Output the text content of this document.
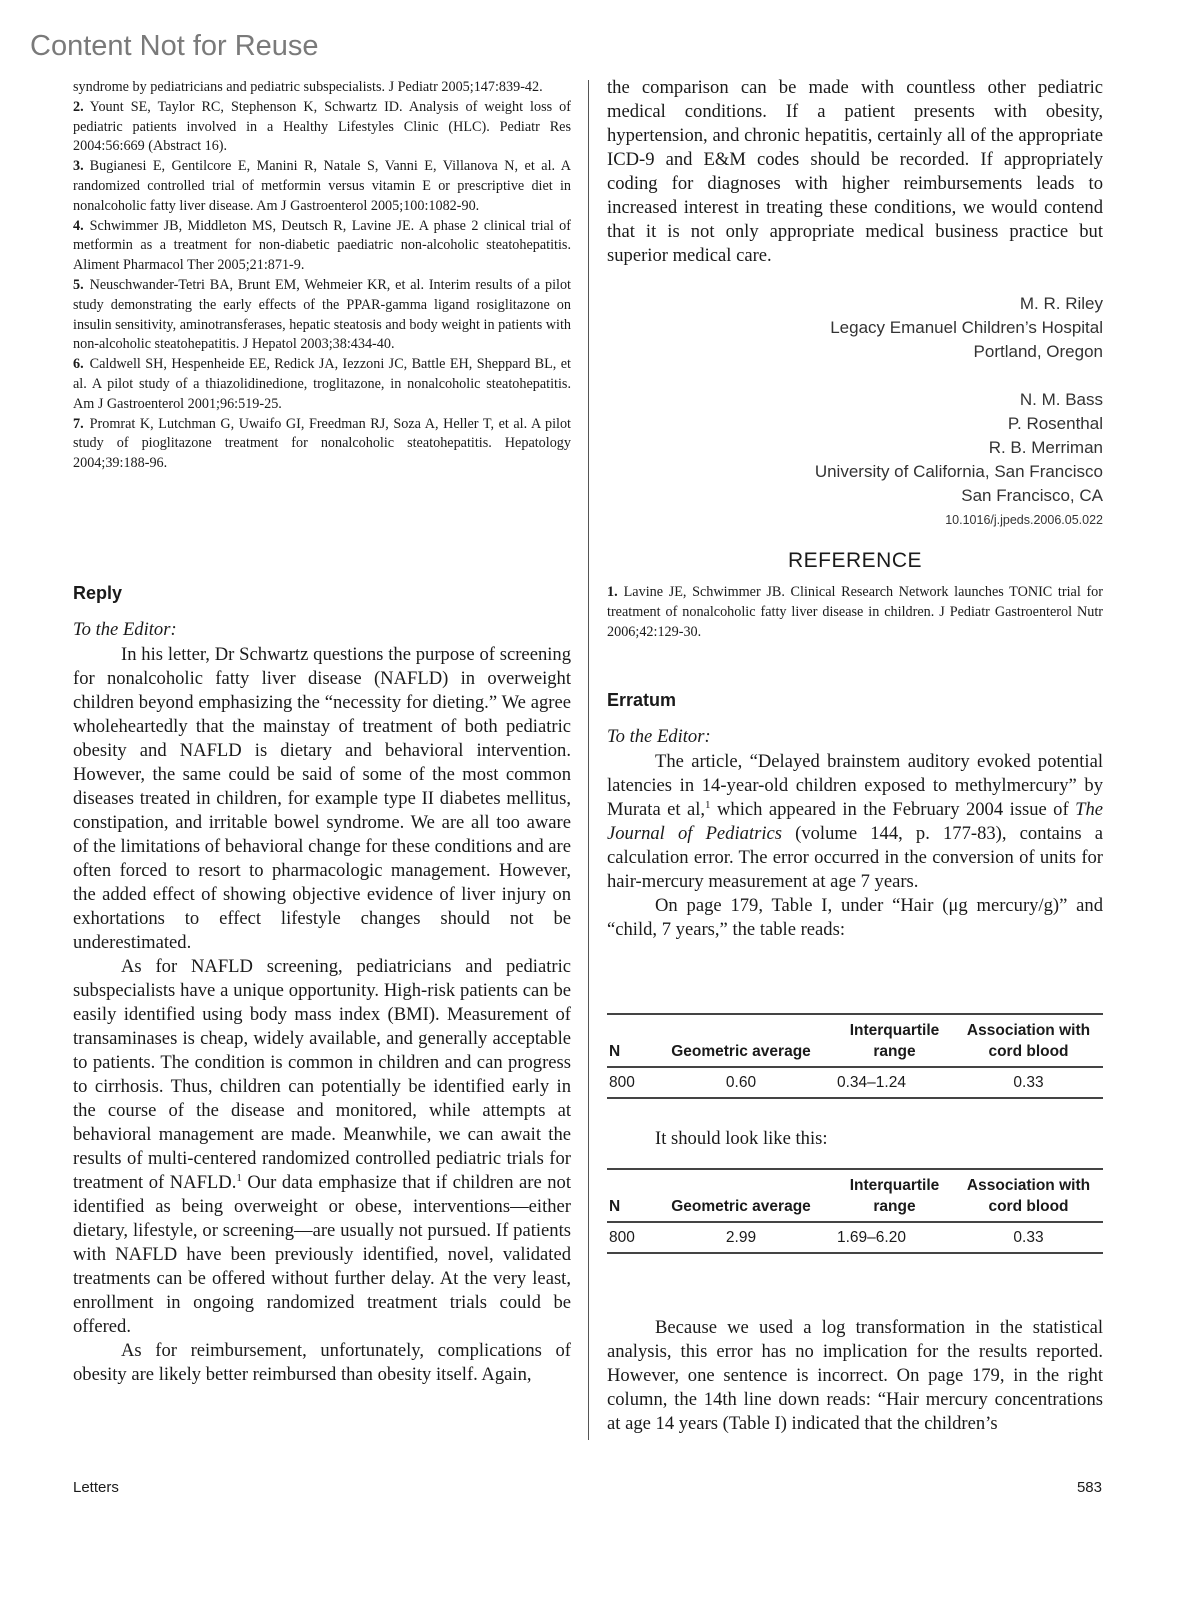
Content Not for Reuse

syndrome by pediatricians and pediatric subspecialists. J Pediatr 2005;147:839-42.

2. Yount SE, Taylor RC, Stephenson K, Schwartz ID. Analysis of weight loss of pediatric patients involved in a Healthy Lifestyles Clinic (HLC). Pediatr Res 2004:56:669 (Abstract 16).

3. Bugianesi E, Gentilcore E, Manini R, Natale S, Vanni E, Villanova N, et al. A randomized controlled trial of metformin versus vitamin E or prescriptive diet in nonalcoholic fatty liver disease. Am J Gastroenterol 2005;100:1082-90.

4. Schwimmer JB, Middleton MS, Deutsch R, Lavine JE. A phase 2 clinical trial of metformin as a treatment for non-diabetic paediatric non-alcoholic steatohepatitis. Aliment Pharmacol Ther 2005;21:871-9.

5. Neuschwander-Tetri BA, Brunt EM, Wehmeier KR, et al. Interim results of a pilot study demonstrating the early effects of the PPAR-gamma ligand rosiglitazone on insulin sensitivity, aminotransferases, hepatic steatosis and body weight in patients with non-alcoholic steatohepatitis. J Hepatol 2003;38:434-40.

6. Caldwell SH, Hespenheide EE, Redick JA, Iezzoni JC, Battle EH, Sheppard BL, et al. A pilot study of a thiazolidinedione, troglitazone, in nonalcoholic steatohepatitis. Am J Gastroenterol 2001;96:519-25.

7. Promrat K, Lutchman G, Uwaifo GI, Freedman RJ, Soza A, Heller T, et al. A pilot study of pioglitazone treatment for nonalcoholic steatohepatitis. Hepatology 2004;39:188-96.

Reply
To the Editor:

In his letter, Dr Schwartz questions the purpose of screening for nonalcoholic fatty liver disease (NAFLD) in overweight children beyond emphasizing the “necessity for dieting.” We agree wholeheartedly that the mainstay of treatment of both pediatric obesity and NAFLD is dietary and behavioral intervention. However, the same could be said of some of the most common diseases treated in children, for example type II diabetes mellitus, constipation, and irritable bowel syndrome. We are all too aware of the limitations of behavioral change for these conditions and are often forced to resort to pharmacologic management. However, the added effect of showing objective evidence of liver injury on exhortations to effect lifestyle changes should not be underestimated.

As for NAFLD screening, pediatricians and pediatric subspecialists have a unique opportunity. High-risk patients can be easily identified using body mass index (BMI). Measurement of transaminases is cheap, widely available, and generally acceptable to patients. The condition is common in children and can progress to cirrhosis. Thus, children can potentially be identified early in the course of the disease and monitored, while attempts at behavioral management are made. Meanwhile, we can await the results of multi-centered randomized controlled pediatric trials for treatment of NAFLD.$^1$ Our data emphasize that if children are not identified as being overweight or obese, interventions—either dietary, lifestyle, or screening—are usually not pursued. If patients with NAFLD have been previously identified, novel, validated treatments can be offered without further delay. At the very least, enrollment in ongoing randomized treatment trials could be offered.

As for reimbursement, unfortunately, complications of obesity are likely better reimbursed than obesity itself. Again,

the comparison can be made with countless other pediatric medical conditions. If a patient presents with obesity, hypertension, and chronic hepatitis, certainly all of the appropriate ICD-9 and E&M codes should be recorded. If appropriately coding for diagnoses with higher reimbursements leads to increased interest in treating these conditions, we would contend that it is not only appropriate medical business practice but superior medical care.

M. R. Riley
Legacy Emanuel Children’s Hospital
Portland, Oregon
N. M. Bass
P. Rosenthal
R. B. Merriman
University of California, San Francisco
San Francisco, CA
10.1016/j.jpeds.2006.05.022
REFERENCE

1. Lavine JE, Schwimmer JB. Clinical Research Network launches TONIC trial for treatment of nonalcoholic fatty liver disease in children. J Pediatr Gastroenterol Nutr 2006;42:129-30.

Erratum
To the Editor:

The article, “Delayed brainstem auditory evoked potential latencies in 14-year-old children exposed to methylmercury” by Murata et al,$^1$ which appeared in the February 2004 issue of The Journal of Pediatrics (volume 144, p. 177-83), contains a calculation error. The error occurred in the conversion of units for hair-mercury measurement at age 7 years.

On page 179, Table I, under “Hair (μg mercury/g)” and “child, 7 years,” the table reads:

N	Geometric average	Interquartile range	Association with cord blood
800	0.60	0.34–1.24	0.33

It should look like this:

N	Geometric average	Interquartile range	Association with cord blood
800	2.99	1.69–6.20	0.33

Because we used a log transformation in the statistical analysis, this error has no implication for the results reported. However, one sentence is incorrect. On page 179, in the right column, the 14th line down reads: “Hair mercury concentrations at age 14 years (Table I) indicated that the children’s

Letters	583
